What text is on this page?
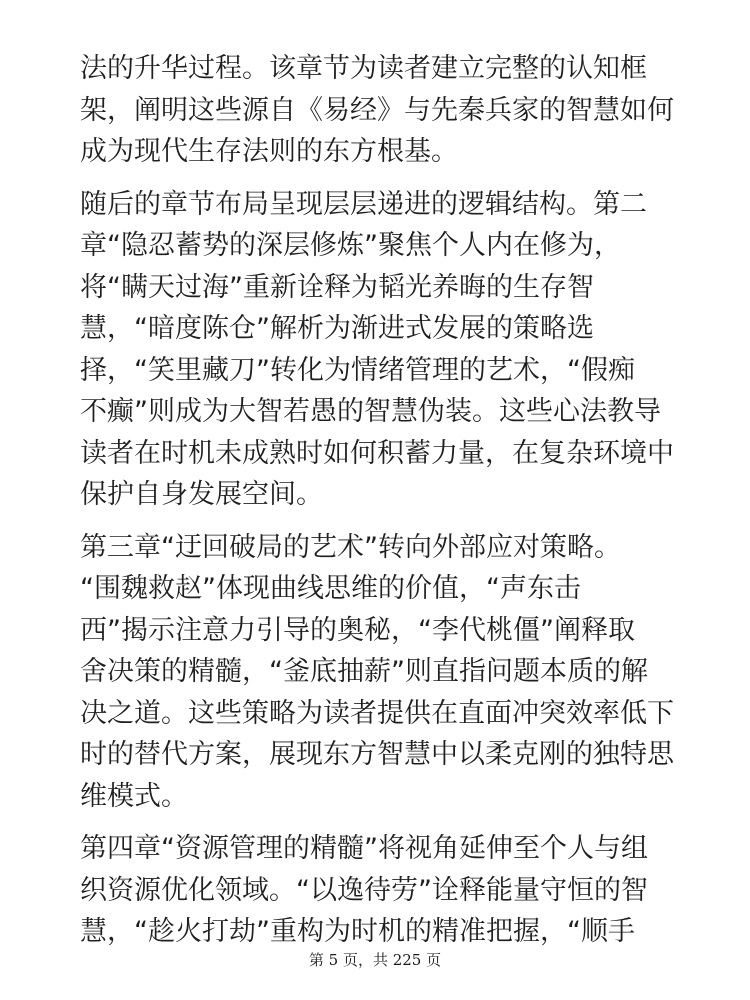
法的升华过程。该章节为读者建立完整的认知框
架，阐明这些源自《易经》与先秦兵家的智慧如何
成为现代生存法则的东方根基。

随后的章节布局呈现层层递进的逻辑结构。第二
章“隐忍蓄势的深层修炼”聚焦个人内在修为，
将“瞒天过海”重新诠释为韬光养晦的生存智
慧，“暗度陈仓”解析为渐进式发展的策略选
择，“笑里藏刀”转化为情绪管理的艺术，“假痴
不癫”则成为大智若愚的智慧伪装。这些心法教导
读者在时机未成熟时如何积蓄力量，在复杂环境中
保护自身发展空间。

第三章“迂回破局的艺术”转向外部应对策略。
“围魏救赵”体现曲线思维的价值，“声东击
西”揭示注意力引导的奥秘，“李代桃僵”阐释取
舍决策的精髓，“釜底抽薪”则直指问题本质的解
决之道。这些策略为读者提供在直面冲突效率低下
时的替代方案，展现东方智慧中以柔克刚的独特思
维模式。

第四章“资源管理的精髓”将视角延伸至个人与组
织资源优化领域。“以逸待劳”诠释能量守恒的智
慧，“趁火打劫”重构为时机的精准把握，“顺手

第 5 页，共 225 页
